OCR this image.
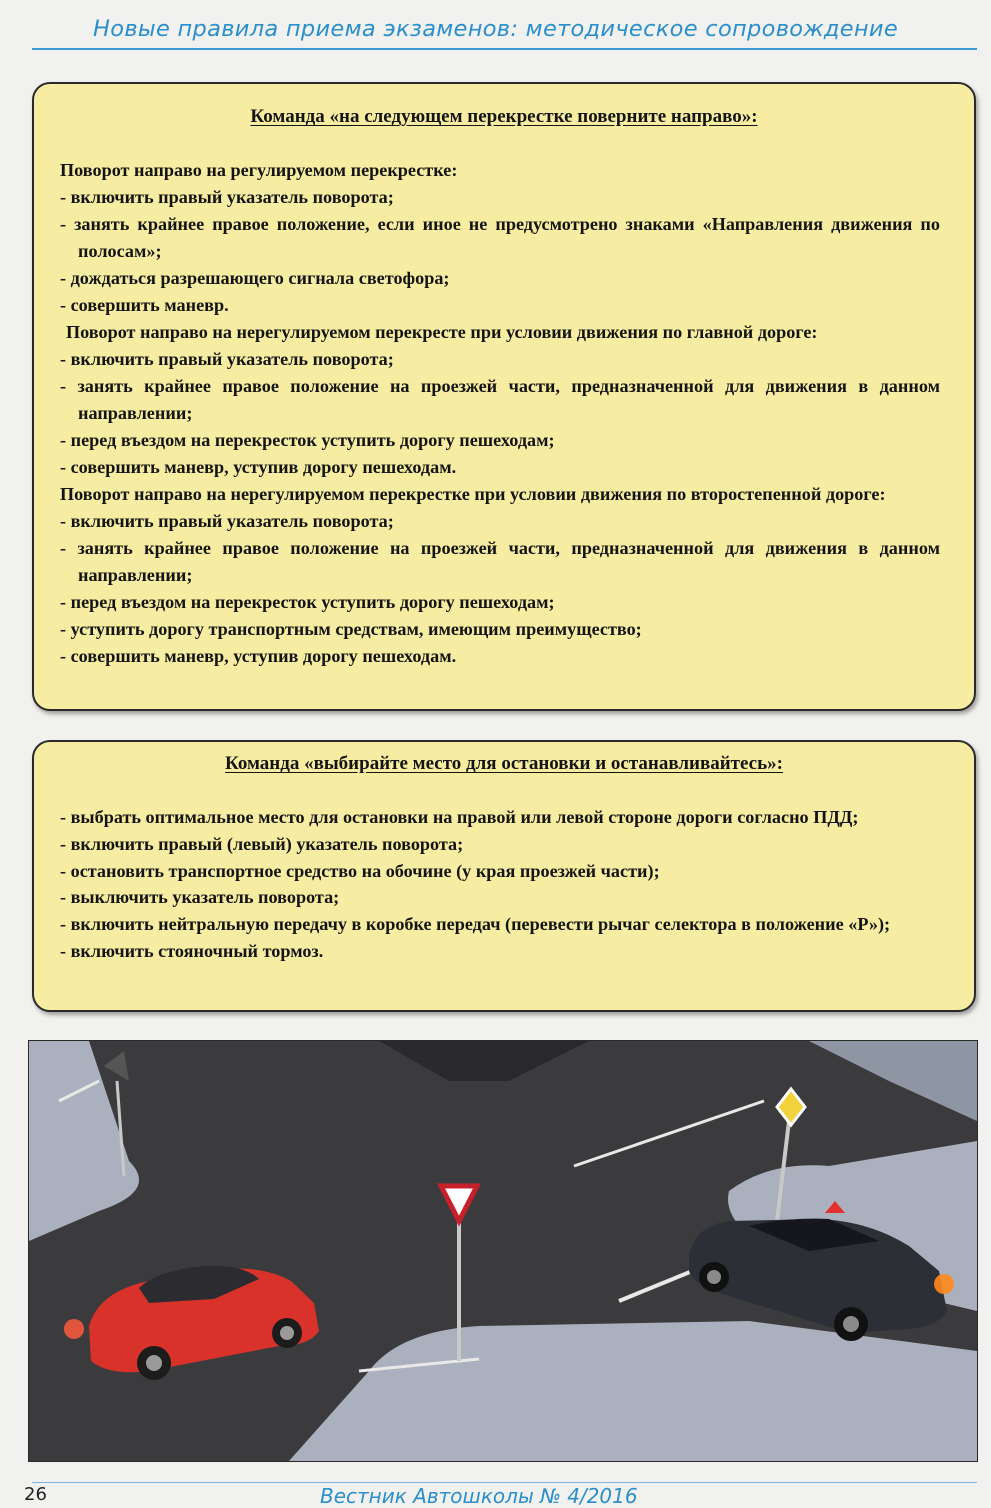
Новые правила приема экзаменов: методическое сопровождение
Команда «на следующем перекрестке поверните направо»:

Поворот направо на регулируемом перекрестке:

- включить правый указатель поворота;

- занять крайнее правое положение, если иное не предусмотрено знаками «Направления движения по полосам»;

- дождаться разрешающего сигнала светофора;

- совершить маневр.

Поворот направо на нерегулируемом перекресте при условии движения по главной дороге:

- включить правый указатель поворота;

- занять крайнее правое положение на проезжей части, предназначенной для движения в данном направлении;

- перед въездом на перекресток уступить дорогу пешеходам;

- совершить маневр, уступив дорогу пешеходам.

Поворот направо на нерегулируемом перекрестке при условии движения по второстепенной дороге:

- включить правый указатель поворота;

- занять крайнее правое положение на проезжей части, предназначенной для движения в данном направлении;

- перед въездом на перекресток уступить дорогу пешеходам;

- уступить дорогу транспортным средствам, имеющим преимущество;

- совершить маневр, уступив дорогу пешеходам.

Команда «выбирайте место для остановки и останавливайтесь»:

- выбрать оптимальное место для остановки на правой или левой стороне дороги согласно ПДД;

- включить правый (левый) указатель поворота;

- остановить транспортное средство на обочине (у края проезжей части);

- выключить указатель поворота;

- включить нейтральную передачу в коробке передач (перевести рычаг селектора в положение «Р»);

- включить стояночный тормоз.

26	Вестник Автошколы № 4/2016
